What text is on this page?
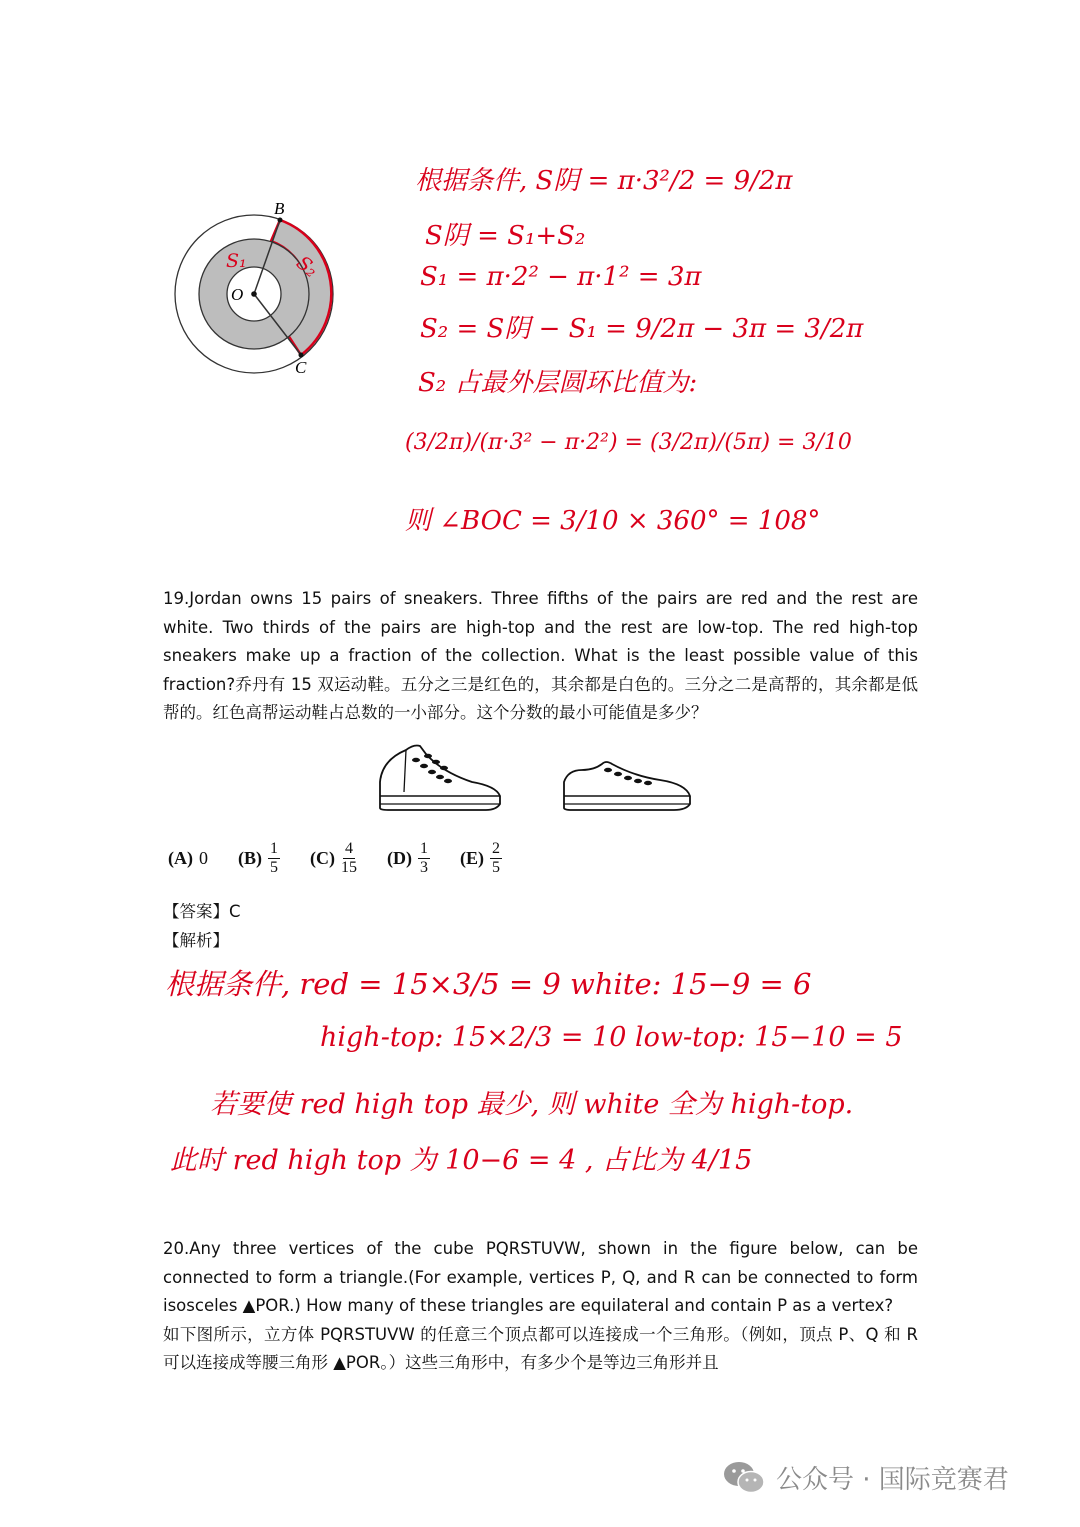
B
C
O
S₁ S₂
根据条件, S阴 = π·3²/2 = 9/2π
S阴 = S₁+S₂
S₁ = π·2² − π·1² = 3π
S₂ = S阴 − S₁ = 9/2π − 3π = 3/2π
S₂ 占最外层圆环比值为:
(3/2π)/(π·3² − π·2²) = (3/2π)/(5π) = 3/10
则 ∠BOC = 3/10 × 360° = 108°

19.Jordan owns 15 pairs of sneakers. Three fifths of the pairs are red and the rest are white. Two thirds of the pairs are high-top and the rest are low-top. The red high-top sneakers make up a fraction of the collection. What is the least possible value of this fraction?乔丹有 15 双运动鞋。五分之三是红色的，其余都是白色的。三分之二是高帮的，其余都是低帮的。红色高帮运动鞋占总数的一小部分。这个分数的最小可能值是多少？

(A) 0 $(B) \frac{1}{5} (C) \frac{4}{15} (D) \frac{1}{3} (E) \frac{2}{5}$
【答案】C
【解析】
根据条件, red = 15×3/5 = 9 white: 15−9 = 6
high-top: 15×2/3 = 10 low-top: 15−10 = 5
若要使 red high top 最少, 则 white 全为 high-top.
此时 red high top 为 10−6 = 4 , 占比为 4/15

20.Any three vertices of the cube PQRSTUVW, shown in the figure below, can be connected to form a triangle.(For example, vertices P, Q, and R can be connected to form isosceles ▲POR.) How many of these triangles are equilateral and contain P as a vertex?

如下图所示，立方体 PQRSTUVW 的任意三个顶点都可以连接成一个三角形。（例如，顶点 P、Q 和 R 可以连接成等腰三角形 ▲POR。）这些三角形中，有多少个是等边三角形并且

公众号 · 国际竞赛君
